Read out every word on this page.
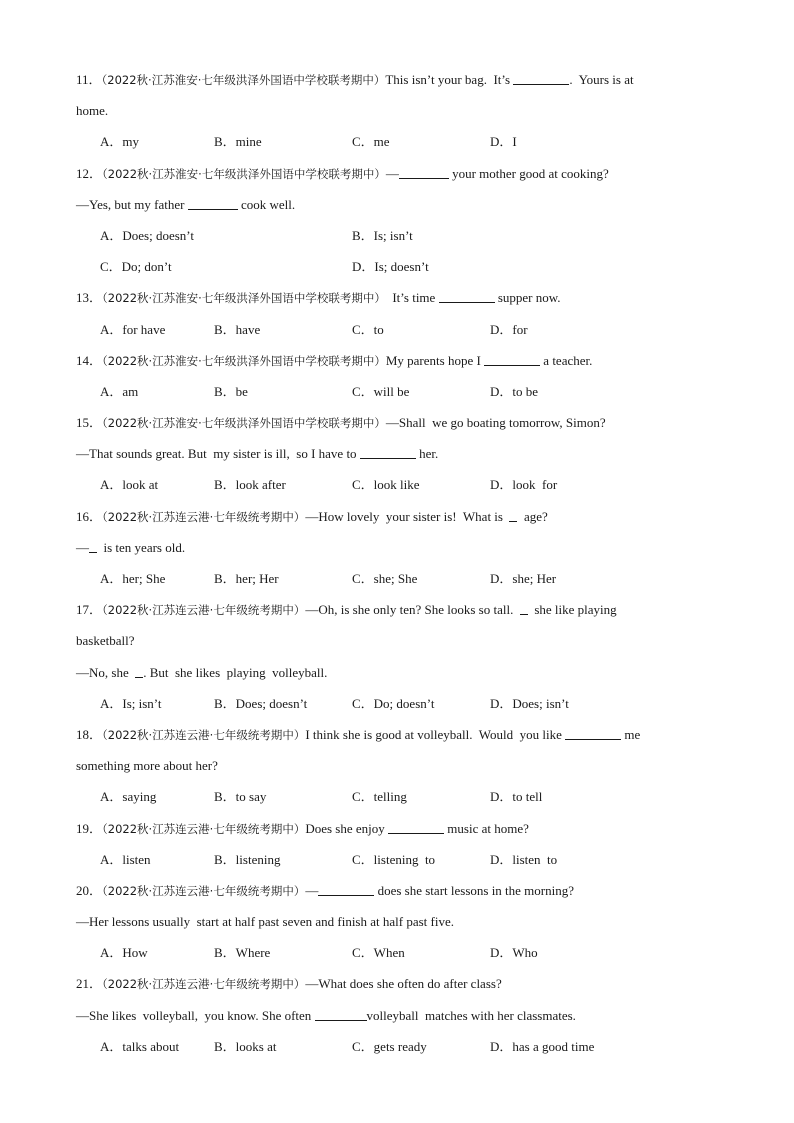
11．（2022秋·江苏淮安·七年级洪泽外国语中学校联考期中）This isn’t your bag.  It’s	.  Yours is at
home.
A．my	B．mine	C．me	D．I
12．（2022秋·江苏淮安·七年级洪泽外国语中学校联考期中）—	your mother good at cooking?
—Yes, but my father	cook well.
A．Does; doesn’t	B．Is; isn’t
C．Do; don’t	D．Is; doesn’t
13．（2022秋·江苏淮安·七年级洪泽外国语中学校联考期中）  It’s time	supper now.
A．for have	B．have	C．to	D．for
14．（2022秋·江苏淮安·七年级洪泽外国语中学校联考期中）My parents hope I	a teacher.
A．am	B．be	C．will be	D．to be
15．（2022秋·江苏淮安·七年级洪泽外国语中学校联考期中）—Shall  we go boating tomorrow, Simon?
—That sounds great. But  my sister is ill,  so I have to	her.
A．look at	B．look after	C．look like	D．look  for
16．（2022秋·江苏连云港·七年级统考期中）—How lovely  your sister is!  What is    age?
—  is ten years old.
A．her; She	B．her; Her	C．she; She	D．she; Her
17．（2022秋·江苏连云港·七年级统考期中）—Oh, is she only ten? She looks so tall.    she like playing
basketball?
—No, she  . But  she likes  playing  volleyball.
A．Is; isn’t	B．Does; doesn’t	C．Do; doesn’t	D．Does; isn’t
18．（2022秋·江苏连云港·七年级统考期中）I think she is good at volleyball.  Would  you like	me
something more about her?
A．saying	B．to say	C．telling	D．to tell
19．（2022秋·江苏连云港·七年级统考期中）Does she enjoy	music at home?
A．listen	B．listening	C．listening  to	D．listen  to
20．（2022秋·江苏连云港·七年级统考期中）—	does she start lessons in the morning?
—Her lessons usually  start at half past seven and finish at half past five.
A．How	B．Where	C．When	D．Who
21．（2022秋·江苏连云港·七年级统考期中）—What does she often do after class?
—She likes  volleyball,  you know. She often	volleyball  matches with her classmates.
A．talks about	B．looks at	C．gets ready	D．has a good time
